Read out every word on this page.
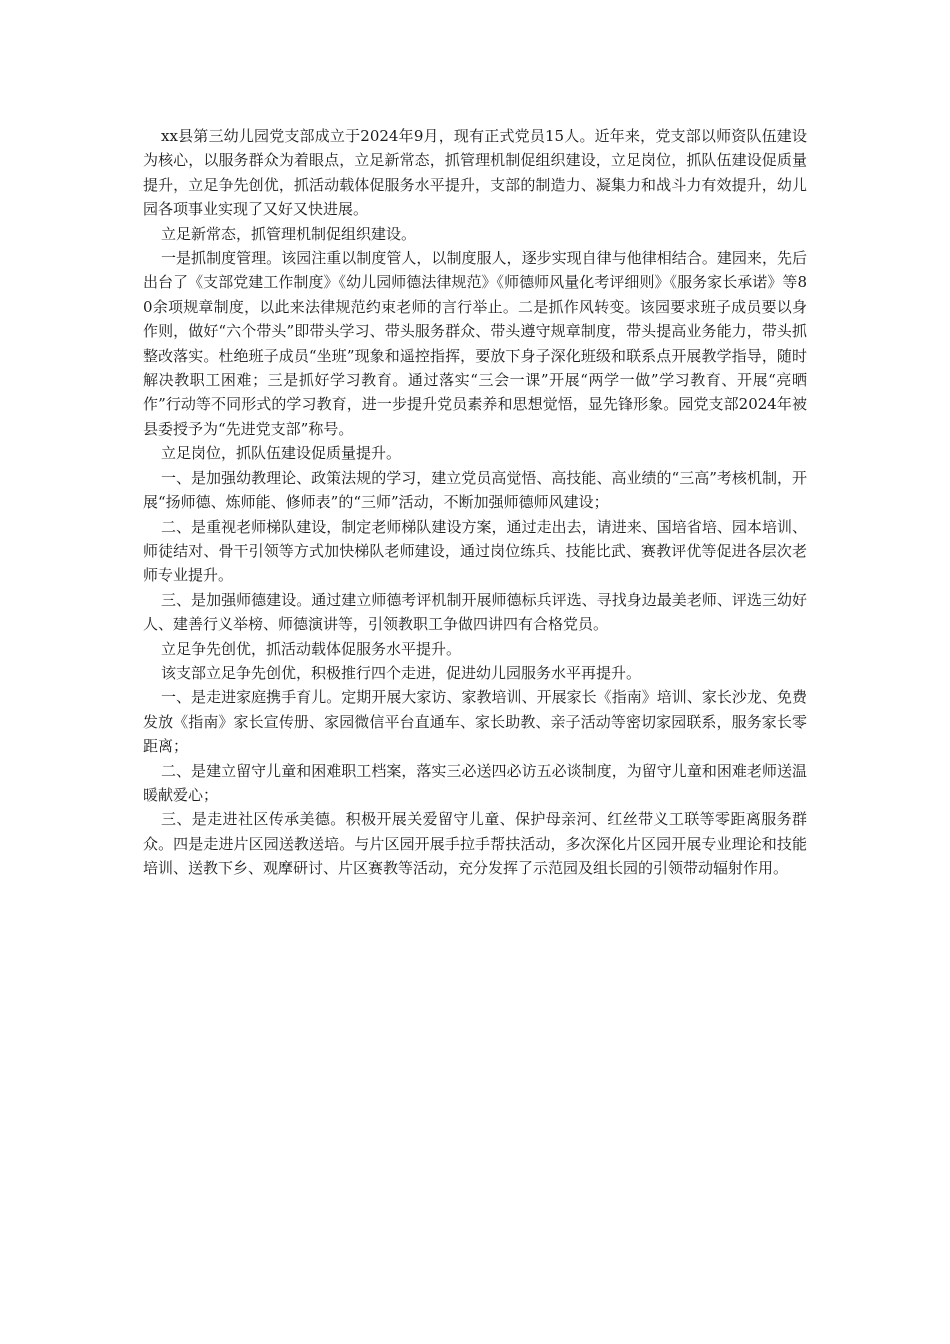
xx县第三幼儿园党支部成立于2024年9月，现有正式党员15人。近年来，党支部以师资队伍建设为核心，以服务群众为着眼点，立足新常态，抓管理机制促组织建设，立足岗位，抓队伍建设促质量提升，立足争先创优，抓活动载体促服务水平提升，支部的制造力、凝集力和战斗力有效提升，幼儿园各项事业实现了又好又快进展。

立足新常态，抓管理机制促组织建设。

一是抓制度管理。该园注重以制度管人，以制度服人，逐步实现自律与他律相结合。建园来，先后出台了《支部党建工作制度》《幼儿园师德法律规范》《师德师风量化考评细则》《服务家长承诺》等80余项规章制度，以此来法律规范约束老师的言行举止。二是抓作风转变。该园要求班子成员要以身作则，做好“六个带头”即带头学习、带头服务群众、带头遵守规章制度，带头提高业务能力，带头抓整改落实。杜绝班子成员“坐班”现象和遥控指挥，要放下身子深化班级和联系点开展教学指导，随时解决教职工困难；三是抓好学习教育。通过落实“三会一课”开展“两学一做”学习教育、开展“亮晒作”行动等不同形式的学习教育，进一步提升党员素养和思想觉悟，显先锋形象。园党支部2024年被县委授予为“先进党支部”称号。

立足岗位，抓队伍建设促质量提升。

一、是加强幼教理论、政策法规的学习，建立党员高觉悟、高技能、高业绩的“三高”考核机制，开展“扬师德、炼师能、修师表”的“三师”活动，不断加强师德师风建设；

二、是重视老师梯队建设，制定老师梯队建设方案，通过走出去，请进来、国培省培、园本培训、师徒结对、骨干引领等方式加快梯队老师建设，通过岗位练兵、技能比武、赛教评优等促进各层次老师专业提升。

三、是加强师德建设。通过建立师德考评机制开展师德标兵评选、寻找身边最美老师、评选三幼好人、建善行义举榜、师德演讲等，引领教职工争做四讲四有合格党员。

立足争先创优，抓活动载体促服务水平提升。

该支部立足争先创优，积极推行四个走进，促进幼儿园服务水平再提升。

一、是走进家庭携手育儿。定期开展大家访、家教培训、开展家长《指南》培训、家长沙龙、免费发放《指南》家长宣传册、家园微信平台直通车、家长助教、亲子活动等密切家园联系，服务家长零距离；

二、是建立留守儿童和困难职工档案，落实三必送四必访五必谈制度，为留守儿童和困难老师送温暖献爱心；

三、是走进社区传承美德。积极开展关爱留守儿童、保护母亲河、红丝带义工联等零距离服务群众。四是走进片区园送教送培。与片区园开展手拉手帮扶活动，多次深化片区园开展专业理论和技能培训、送教下乡、观摩研讨、片区赛教等活动，充分发挥了示范园及组长园的引领带动辐射作用。
